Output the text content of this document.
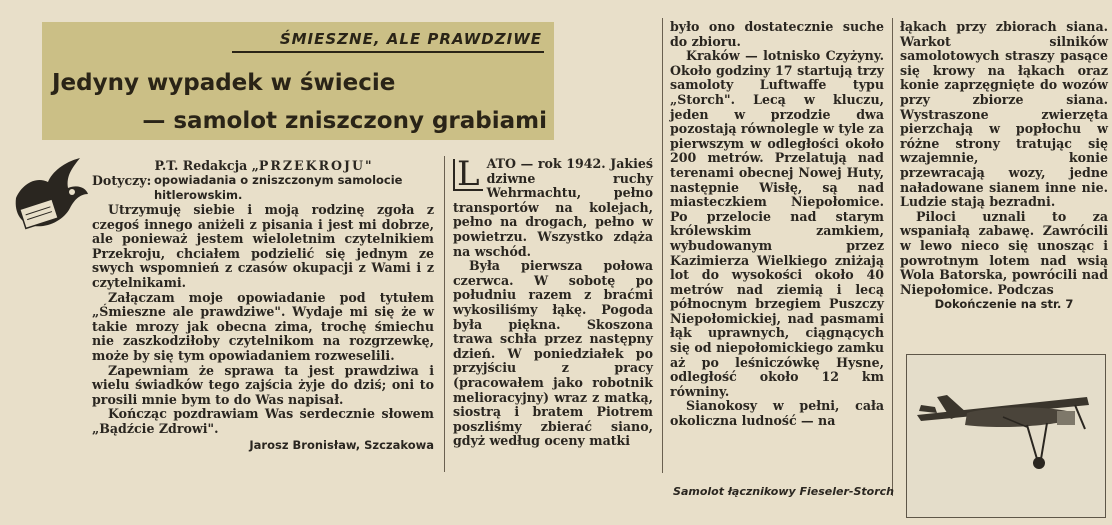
ŚMIESZNE, ALE PRAWDZIWE
Jedyny wypadek w świecie
— samolot zniszczony grabiami
P.T. Redakcja „ PRZEKROJU "
Dotyczy: opowiadania o zniszczonym samolocie hitlerowskim.

Utrzymuję siebie i moją rodzinę zgoła z czegoś innego aniżeli z pisania i jest mi dobrze, ale ponieważ jestem wieloletnim czytelnikiem Przekroju, chciałem podzielić się jednym ze swych wspomnień z czasów okupacji z Wami i z czytelnikami.

Załączam moje opowiadanie pod tytułem „Śmieszne ale prawdziwe". Wydaje mi się że w takie mrozy jak obecna zima, trochę śmiechu nie zaszkodziłoby czytelnikom na rozgrzewkę, może by się tym opowiadaniem rozweselili.

Zapewniam że sprawa ta jest prawdziwa i wielu świadków tego zajścia żyje do dziś; oni to prosili mnie bym to do Was napisał.

Kończąc pozdrawiam Was serdecznie słowem „Bądźcie Zdrowi".

Jarosz Bronisław, Szczakowa

L ATO — rok 1942. Jakieś dziwne ruchy Wehrmachtu, pełno transportów na kolejach, pełno na drogach, pełno w powietrzu. Wszystko zdąża na wschód.

Była pierwsza połowa czerwca. W sobotę po południu razem z braćmi wykosiliśmy łąkę. Pogoda była piękna. Skoszona trawa schła przez następny dzień. W poniedziałek po przyjściu z pracy (pracowałem jako robotnik melioracyjny) wraz z matką, siostrą i bratem Piotrem poszliśmy zbierać siano, gdyż według oceny matki

było ono dostatecznie suche do zbioru.

Kraków — lotnisko Czyżyny. Około godziny 17 startują trzy samoloty Luftwaffe typu „Storch". Lecą w kluczu, jeden w przodzie dwa pozostają równolegle w tyle za pierwszym w odległości około 200 metrów. Przelatują nad terenami obecnej Nowej Huty, następnie Wisłę, są nad miasteczkiem Niepołomice. Po przelocie nad starym królewskim zamkiem, wybudowanym przez Kazimierza Wielkiego zniżają lot do wysokości około 40 metrów nad ziemią i lecą północnym brzegiem Puszczy Niepołomickiej, nad pasmami łąk uprawnych, ciągnących się od niepołomickiego zamku aż po leśniczówkę Hysne, odległość około 12 km równiny.

Sianokosy w pełni, cała okoliczna ludność — na

łąkach przy zbiorach siana. Warkot silników samolotowych straszy pasące się krowy na łąkach oraz konie zaprzęgnięte do wozów przy zbiorze siana. Wystraszone zwierzęta pierzchają w popłochu w różne strony tratując się wzajemnie, konie przewracają wozy, jedne naładowane sianem inne nie. Ludzie stają bezradni.

Piloci uznali to za wspaniałą zabawę. Zawrócili w lewo nieco się unosząc i powrotnym lotem nad wsią Wola Batorska, powrócili nad Niepołomice. Podczas

Dokończenie na str. 7

Samolot łącznikowy Fieseler-Storch
